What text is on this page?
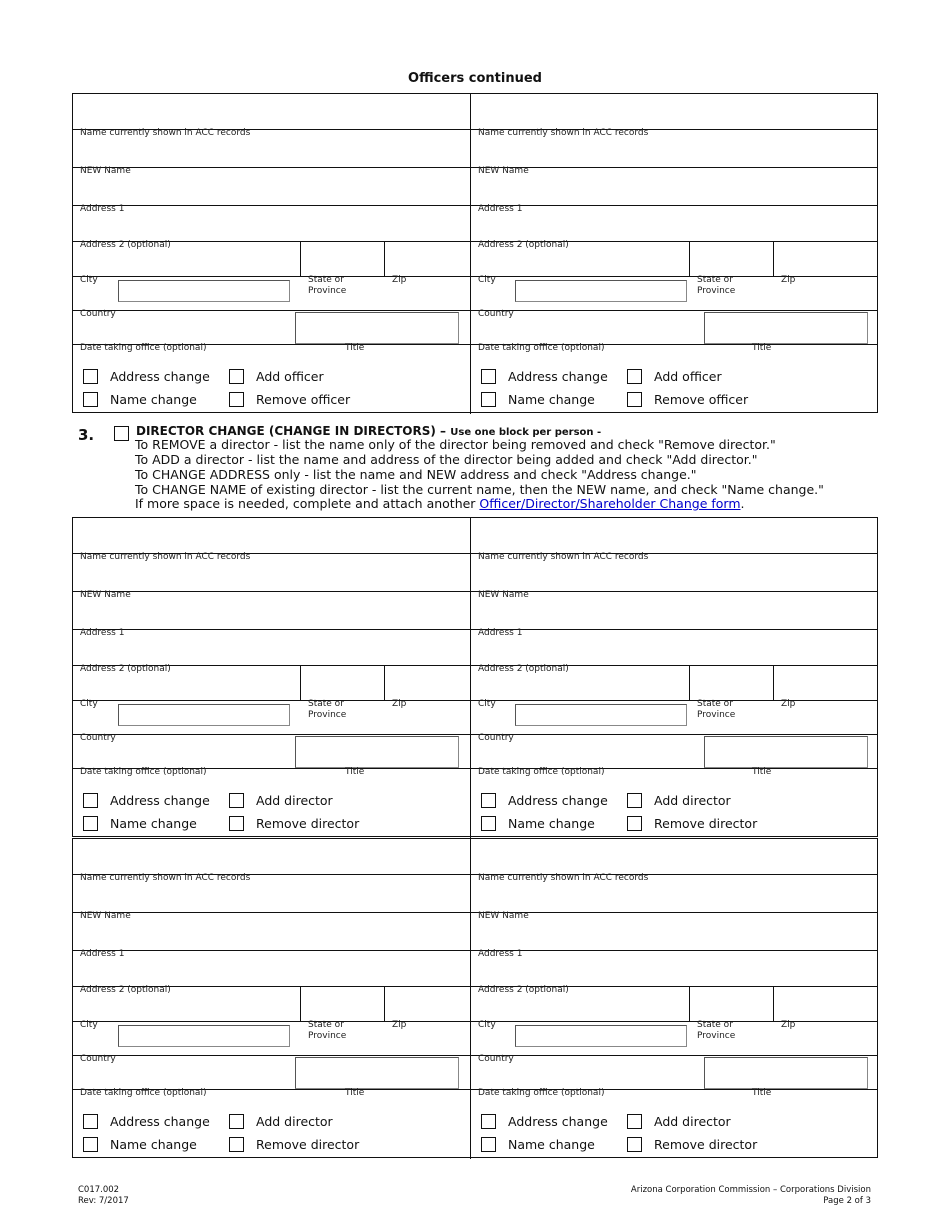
Officers continued
Name currently shown in ACC records
NEW Name
Address 1
Address 2 (optional)
City
Country
Date taking office (optional)
State or
Province
Zip
Title
Address change
Name change
Add officer
Remove officer
Name currently shown in ACC records
NEW Name
Address 1
Address 2 (optional)
City
Country
Date taking office (optional)
State or
Province
Zip
Title
Address change
Name change
Add officer
Remove officer
Name currently shown in ACC records
NEW Name
Address 1
Address 2 (optional)
City
Country
Date taking office (optional)
State or
Province
Zip
Title
Address change
Name change
Add director
Remove director
Name currently shown in ACC records
NEW Name
Address 1
Address 2 (optional)
City
Country
Date taking office (optional)
State or
Province
Zip
Title
Address change
Name change
Add director
Remove director
Name currently shown in ACC records
NEW Name
Address 1
Address 2 (optional)
City
Country
Date taking office (optional)
State or
Province
Zip
Title
Address change
Name change
Add director
Remove director
Name currently shown in ACC records
NEW Name
Address 1
Address 2 (optional)
City
Country
Date taking office (optional)
State or
Province
Zip
Title
Address change
Name change
Add director
Remove director
3.	DIRECTOR CHANGE (CHANGE IN DIRECTORS) – Use one block per person -
To REMOVE a director - list the name only of the director being removed and check "Remove director."
To ADD a director - list the name and address of the director being added and check "Add director."
To CHANGE ADDRESS only - list the name and NEW address and check "Address change."
To CHANGE NAME of existing director - list the current name, then the NEW name, and check "Name change."
If more space is needed, complete and attach another Officer/Director/Shareholder Change form.
C017.002
Rev: 7/2017
Arizona Corporation Commission – Corporations Division
Page 2 of 3
